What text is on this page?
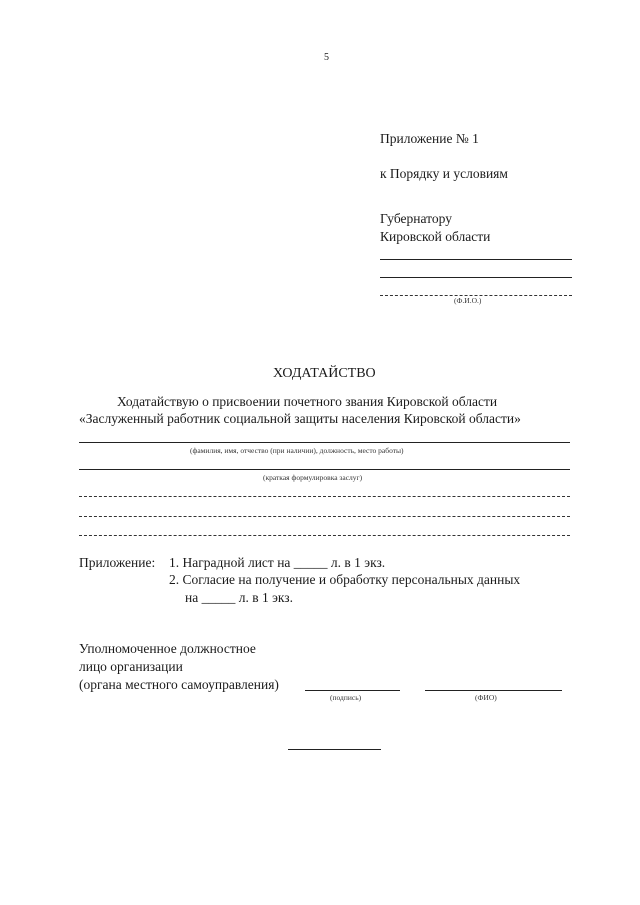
5
Приложение № 1
к Порядку и условиям
Губернатору
Кировской области
(Ф.И.О.)
ХОДАТАЙСТВО
Ходатайствую о присвоении почетного звания Кировской области
«Заслуженный работник социальной защиты населения Кировской области»
(фамилия, имя, отчество (при наличии), должность, место работы)
(краткая формулировка заслуг)
Приложение: 1. Наградной лист на _____ л. в 1 экз.
2. Согласие на получение и обработку персональных данных
на _____ л. в 1 экз.
Уполномоченное должностное
лицо организации
(органа местного самоуправления)
(подпись)	(ФИО)
